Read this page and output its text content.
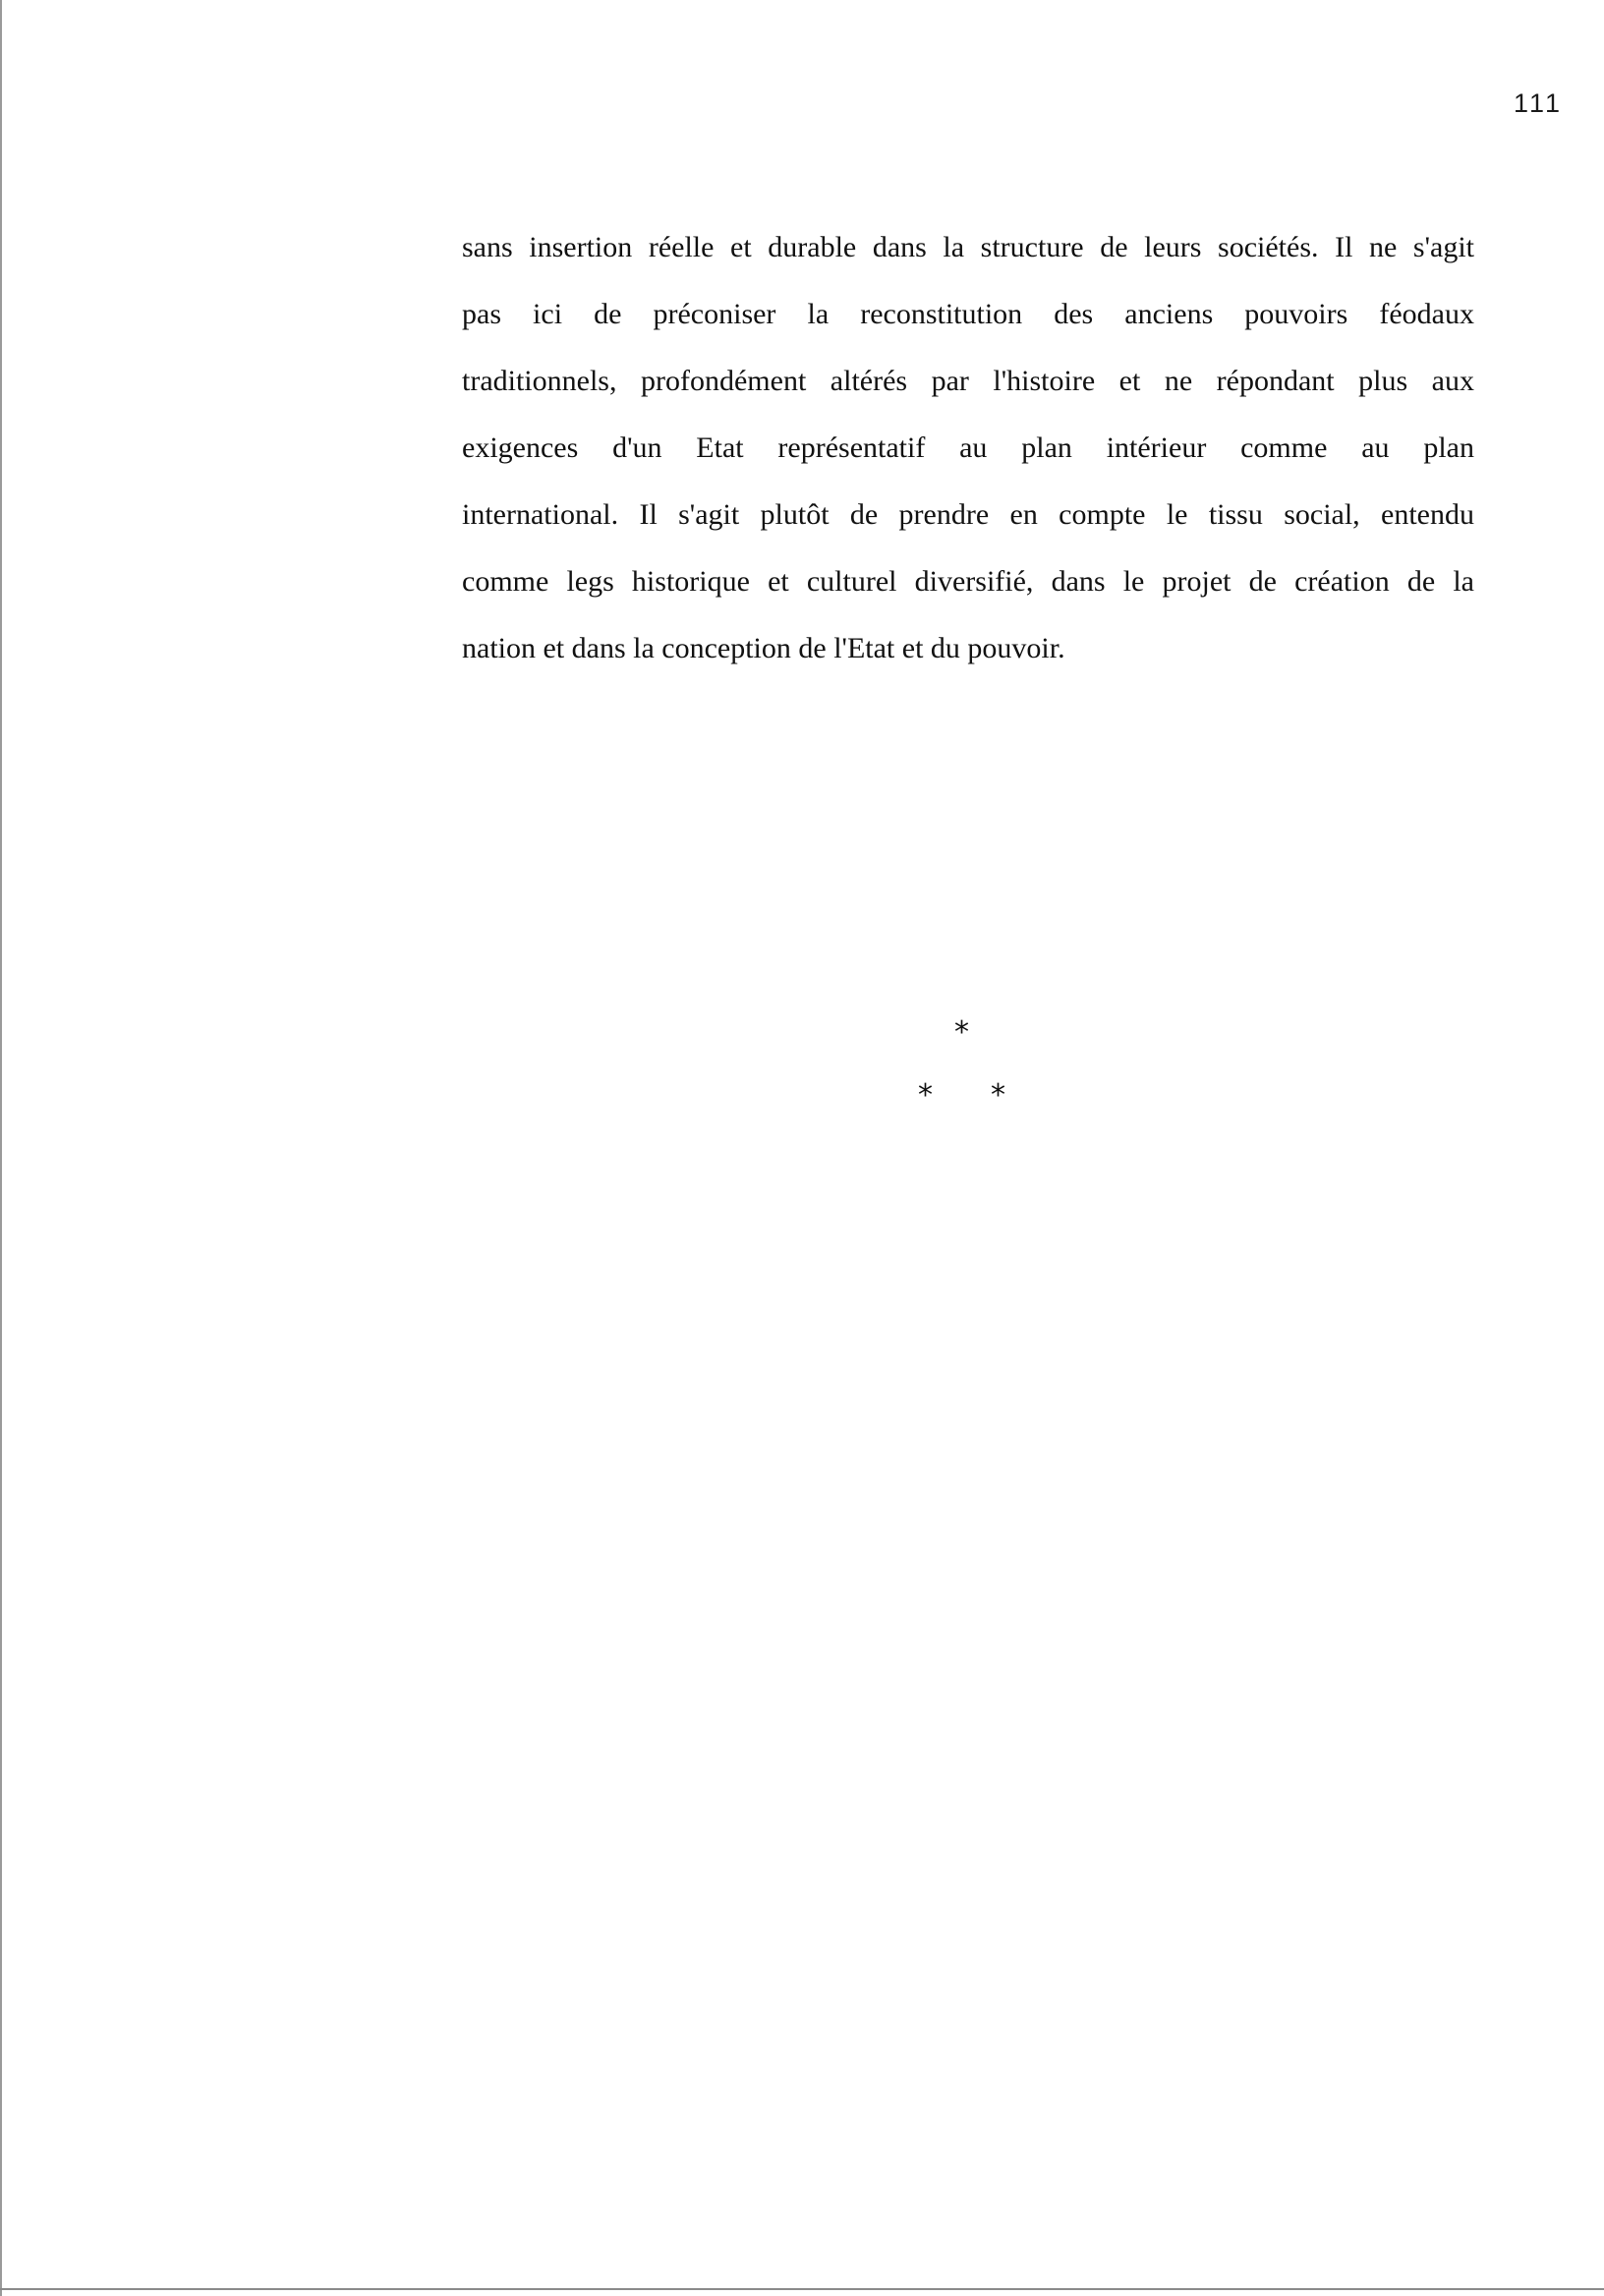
111
sans insertion réelle et durable dans la structure de leurs sociétés. Il ne s'agit
pas ici de préconiser la reconstitution des anciens pouvoirs féodaux
traditionnels, profondément altérés par l'histoire et ne répondant plus aux
exigences d'un Etat représentatif au plan intérieur comme au plan
international. Il s'agit plutôt de prendre en compte le tissu social, entendu
comme legs historique et culturel diversifié, dans le projet de création de la
nation et dans la conception de l'Etat et du pouvoir.
*
* *
